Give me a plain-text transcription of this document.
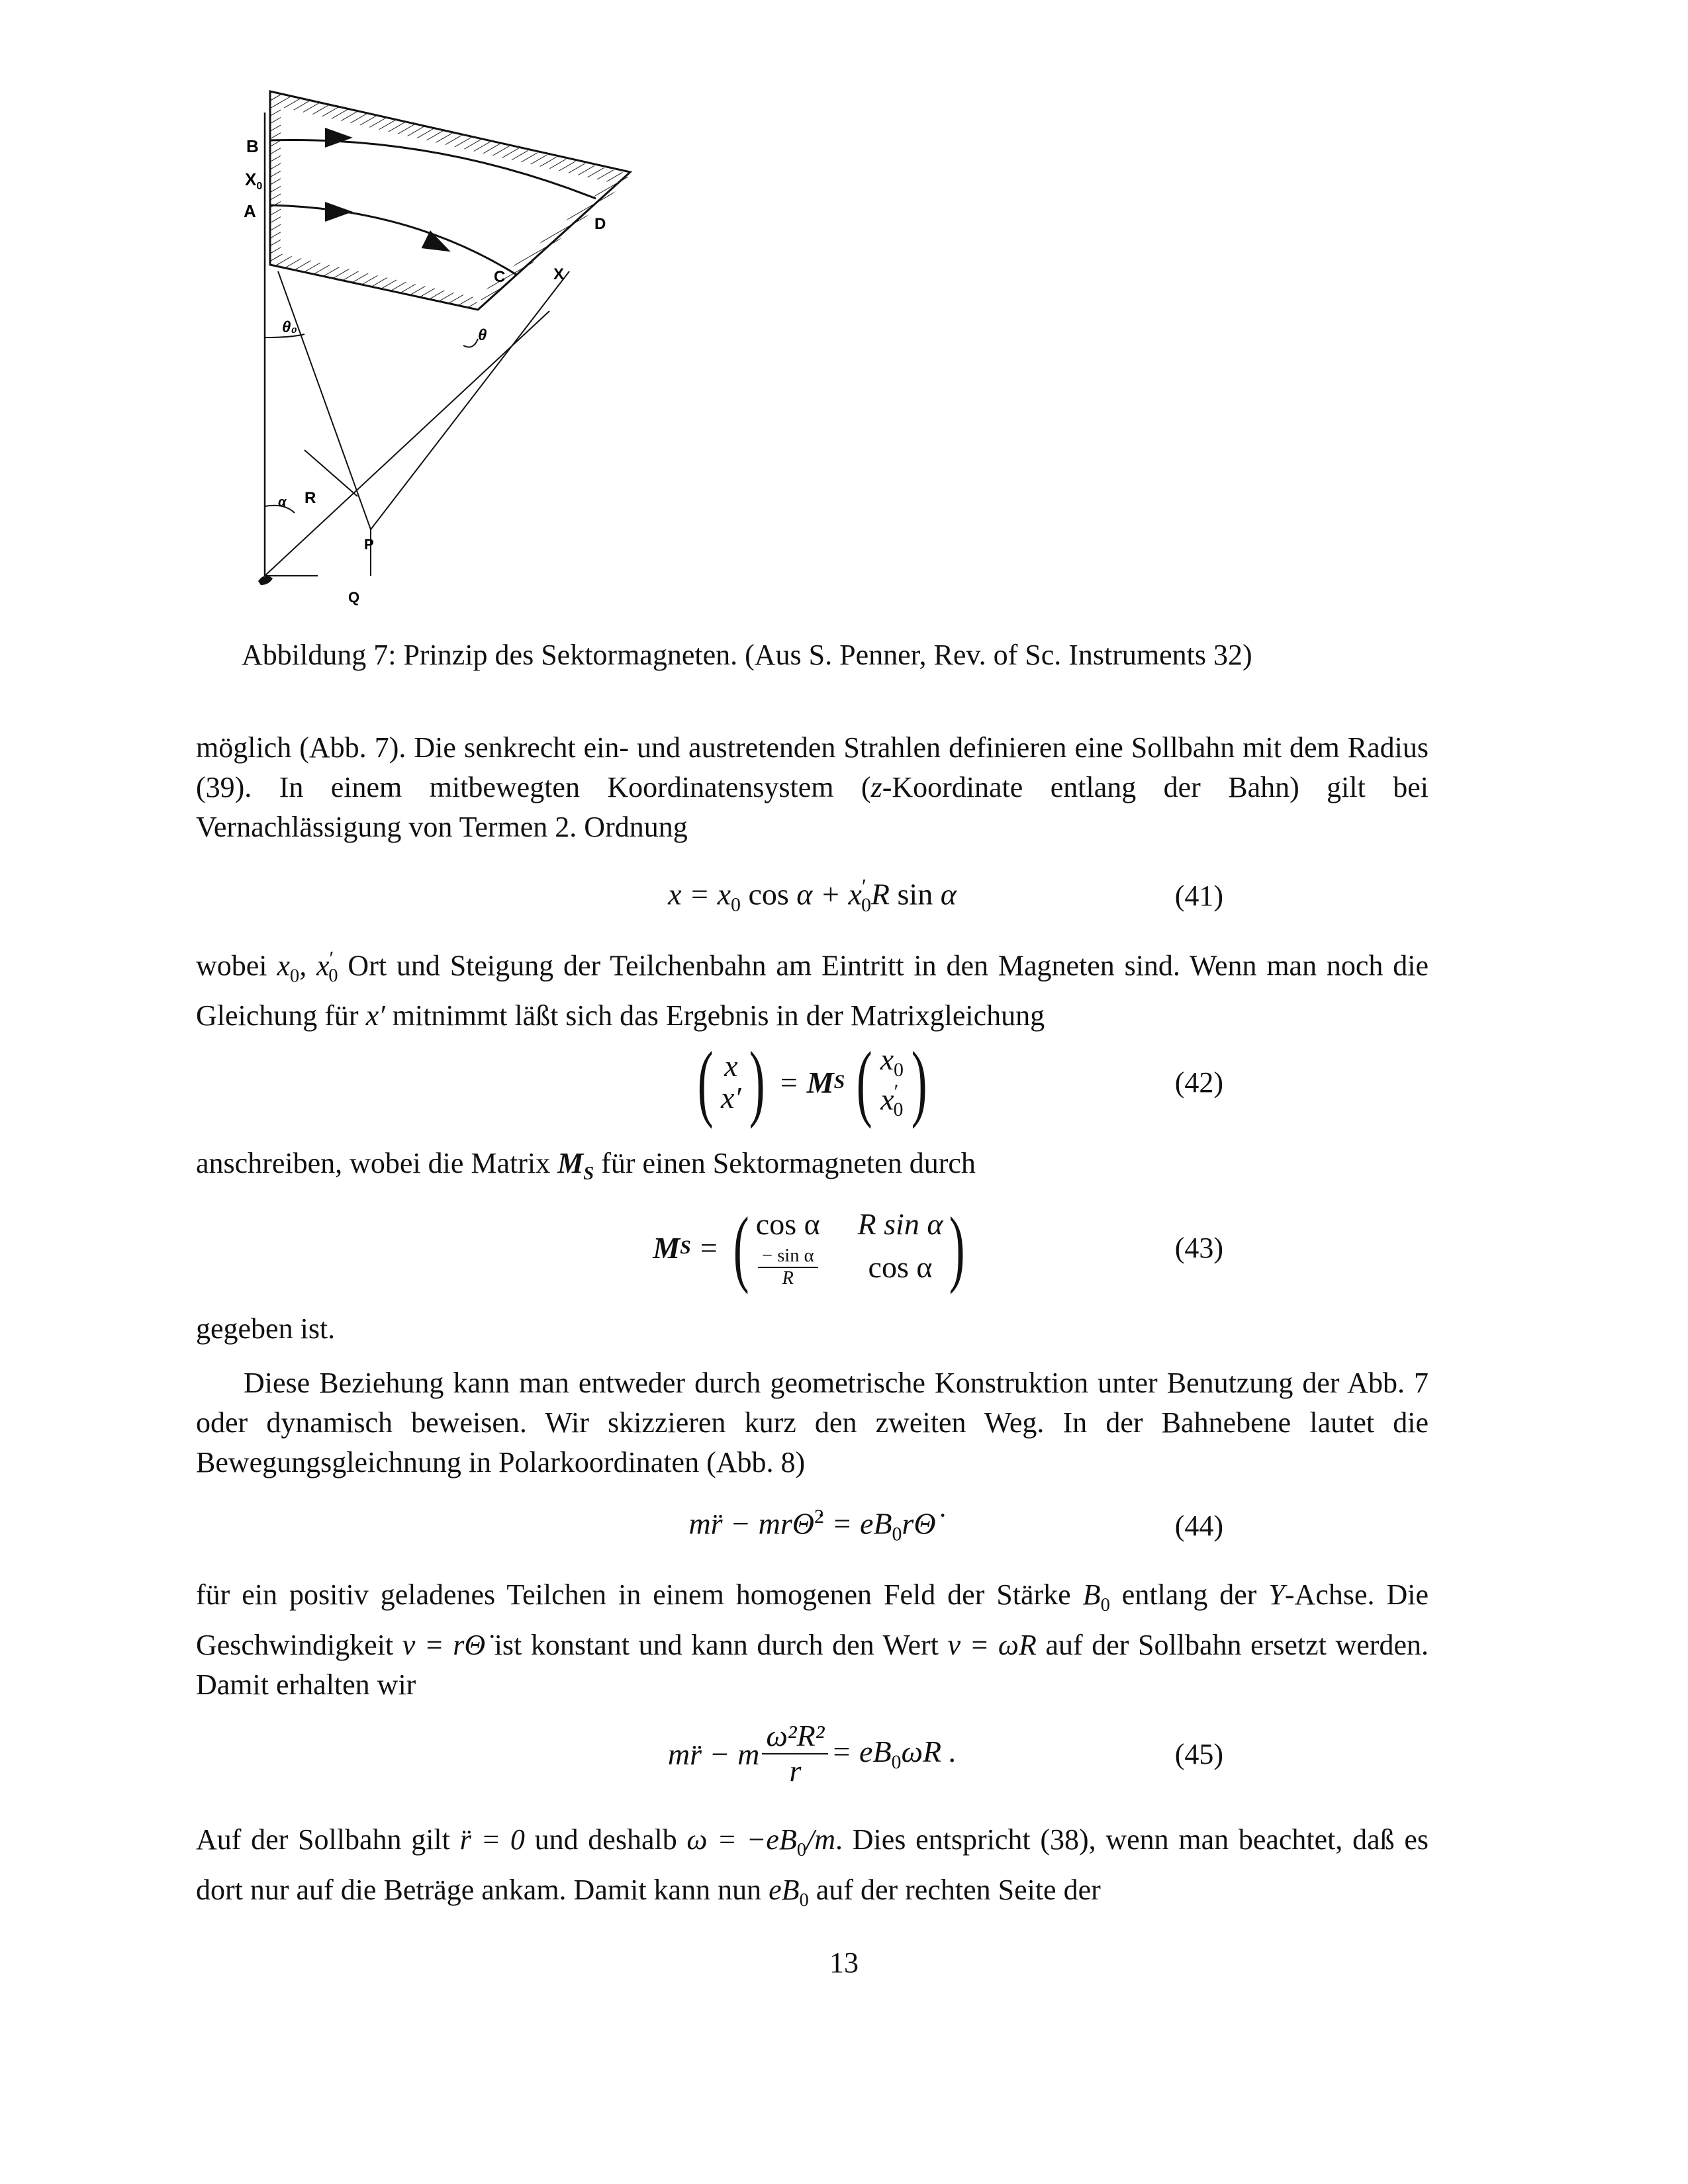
B
$X_0$
A
D
C	X
θ
θ₀
α R
P
Q
Abbildung 7: Prinzip des Sektormagneten. (Aus S. Penner, Rev. of Sc. Instruments 32)
möglich (Abb. 7). Die senkrecht ein- und austretenden Strahlen definieren eine Sollbahn mit dem Radius (39). In einem mitbewegten Koordinatensystem (z-Koordinate entlang der Bahn) gilt bei Vernachlässigung von Termen 2. Ordnung
$x = x_0$ $\cos \alpha + x'_0R$ sin α	(41)
wobei $x_0$, $x'_0$ Ort und Steigung der Teilchenbahn am Eintritt in den Magneten sind. Wenn man noch die Gleichung für x′ mitnimmt läßt sich das Ergebnis in der Matrixgleichung
( x
x′ ) = M S ( $x_0$
$x'_0$ )	(42)
anschreiben, wobei die Matrix $M_S$ für einen Sektormagneten durch
M S = ( cos α R sin α
$\frac{\text{− sin α}}{R}$ cos α )	(43)
gegeben ist.
Diese Beziehung kann man entweder durch geometrische Konstruktion unter Benutzung der Abb. 7 oder dynamisch beweisen. Wir skizzieren kurz den zweiten Weg. In der Bahnebene lautet die Bewegungsgleichnung in Polarkoordinaten (Abb. 8)
mr̈ − mrΘ̇$^2$ = $eB_0r\Thetȧ$	(44)
für ein positiv geladenes Teilchen in einem homogenen Feld der Stärke $B_0$ entlang der Y-Achse. Die Geschwindigkeit v = rΘ̇ ist konstant und kann durch den Wert v = ωR auf der Sollbahn ersetzt werden. Damit erhalten wir
mr̈ − m $\frac{\text{ω²R²}}{r} = eB_0\omega R$ .	(45)
Auf der Sollbahn gilt r̈ = 0 und deshalb $\omega = -eB_0/m$. Dies entspricht (38), wenn man beachtet, daß es dort nur auf die Beträge ankam. Damit kann nun $eB_0$ auf der rechten Seite der
13
